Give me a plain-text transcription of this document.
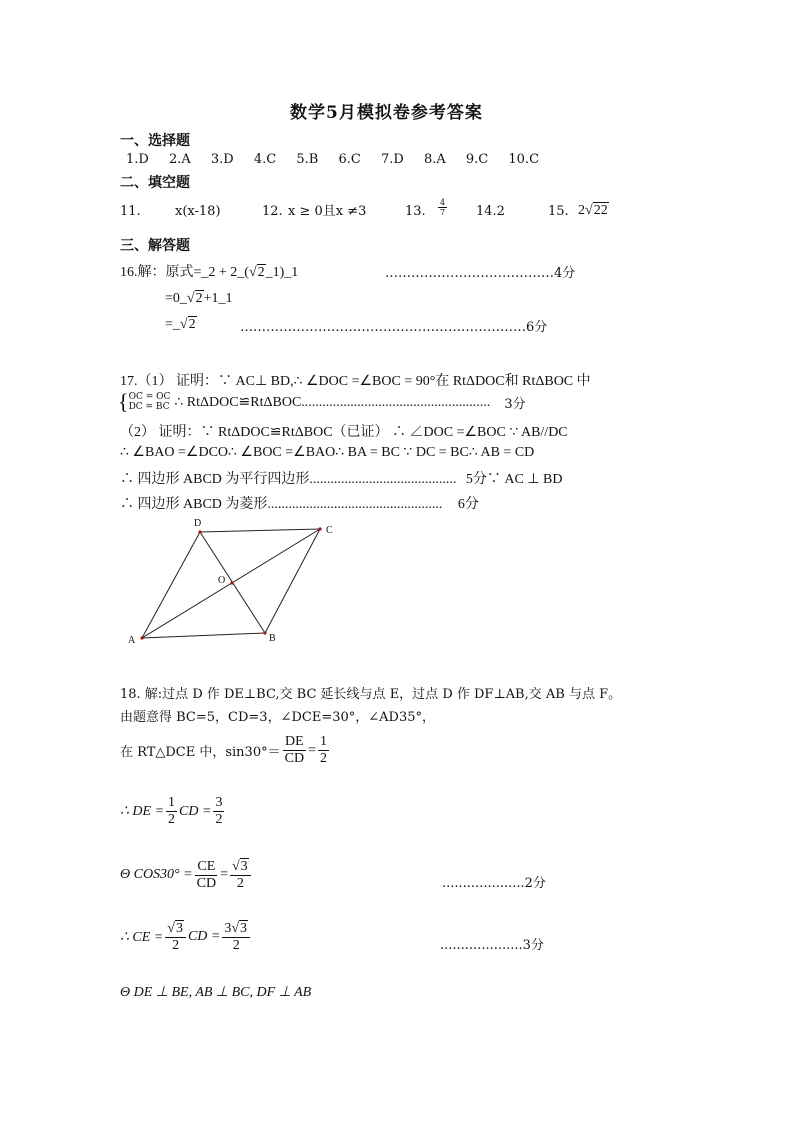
数学5月模拟卷参考答案
一、选择题
1.D 2.A 3.D 4.C 5.B 6.C 7.D 8.A 9.C 10.C
二、填空题
11.	x(x-18)	12. x ≥ 0且x ≠3	13. $\frac{4}{7} 14.2$	15. 2√22
三、解答题
16.解：原式=_2 + 2_(√2_1)_1	…………………………………4分
=0_√2+1_1
=_√2	…………………………………………………………6分
17.（1） 证明：∵ AC⊥ BD,∴ ∠DOC =∠BOC = 90°在 RtΔDOC和 RtΔBOC 中
{ OC = OC
DC = BC ∴ RtΔDOC≌RtΔBOC...................................................... 3分
（2） 证明：∵ RtΔDOC≌RtΔBOC（已证） ∴ ∠DOC =∠BOC ∵ AB//DC
∴ ∠BAO =∠DCO∴ ∠BOC =∠BAO∴ BA = BC ∵ DC = BC∴ AB = CD
∴ 四边形 ABCD 为平行四边形.......................................... 5分∵ AC ⊥ BD
∴ 四边形 ABCD 为菱形.................................................. 6分
A	B
C
D
O
18. 解:过点 D 作 DE⊥BC,交 BC 延长线与点 E，过点 D 作 DF⊥AB,交 AB 与点 F。
由题意得 BC=5，CD=3，∠DCE=30°，∠AD35°，
在 RT△DCE 中，$\sin 30^\circ= \frac{DE}{CD} = \frac{1}{2}$
∴ DE = $\frac{1}{2}$ CD = $\frac{3}{2}$
Θ $COS30^\circ = \frac{CE}{CD} = \frac{√3}{2}$	....................2分
∴ CE = $\frac{√3}{2}$ CD = $\frac{3√3}{2}$	....................3分
Θ DE ⊥ BE, AB ⊥ BC, DF ⊥ AB
